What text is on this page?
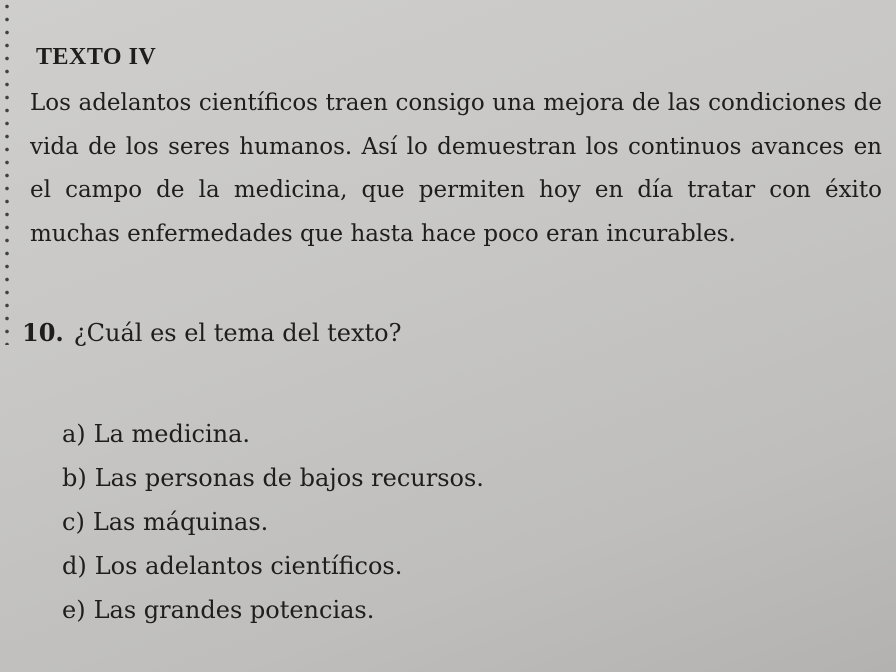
TEXTO IV

Los adelantos científicos traen consigo una mejora de las condiciones de vida de los seres humanos. Así lo demuestran los continuos avances en el campo de la medicina, que permiten hoy en día tratar con éxito muchas enfermedades que hasta hace poco eran incurables.

10. ¿Cuál es el tema del texto?

a) La medicina.
b) Las personas de bajos recursos.
c) Las máquinas.
d) Los adelantos científicos.
e) Las grandes potencias.
